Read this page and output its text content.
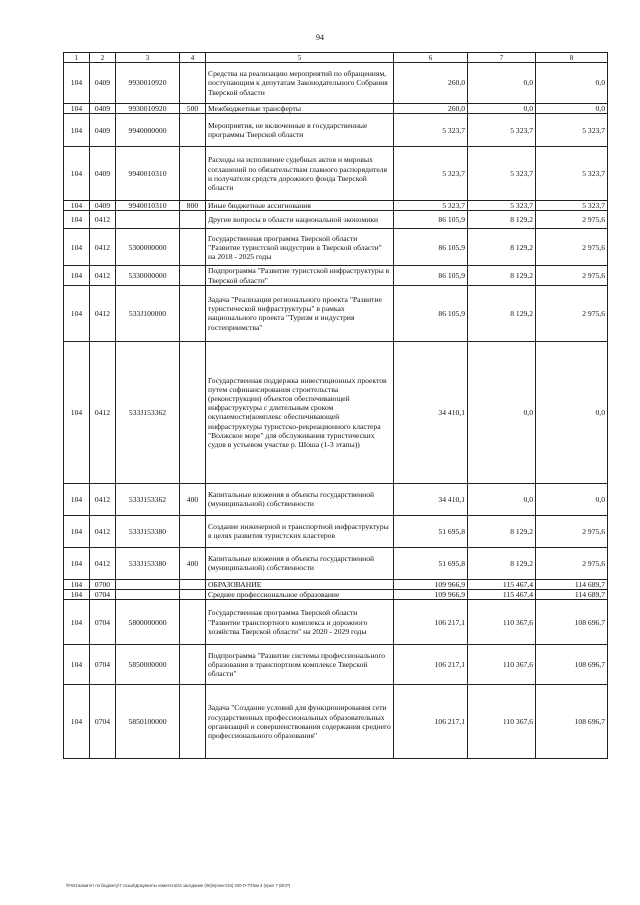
94
1	2	3	4	5	6	7	8
104	0409	9930010920		Средства на реализацию мероприятий по обращениям, поступающим к депутатам Законодательного Собрания Тверской области	260,0	0,0	0,0
104	0409	9930010920	500	Межбюджетные трансферты	260,0	0,0	0,0
104	0409	9940000000		Мероприятия, не включенные в государственные программы Тверской области	5 323,7	5 323,7	5 323,7
104	0409	9940010310		Расходы на исполнение судебных актов и мировых соглашений по обязательствам главного распорядителя и получателя средств дорожного фонда Тверской области	5 323,7	5 323,7	5 323,7
104	0409	9940010310	800	Иные бюджетные ассигнования	5 323,7	5 323,7	5 323,7
104	0412			Другие вопросы в области национальной экономики	86 105,9	8 129,2	2 975,6
104	0412	5300000000		Государственная программа Тверской области "Развитие туристской индустрии в Тверской области" на 2018 - 2025 годы	86 105,9	8 129,2	2 975,6
104	0412	5330000000		Подпрограмма "Развитие туристской инфраструктуры в Тверской области"	86 105,9	8 129,2	2 975,6
104	0412	533J100000		Задача "Реализация регионального проекта "Развитие туристической инфраструктуры" в рамках национального проекта "Туризм и индустрия гостеприимства"	86 105,9	8 129,2	2 975,6
104	0412	533J153362		Государственная поддержка инвестиционных проектов путем софинансирования строительства (реконструкции) объектов обеспечивающей инфраструктуры с длительным сроком окупаемости(комплекс обеспечивающей инфраструктуры туристско-рекреационного кластера "Волжское море" для обслуживания туристических судов в устьевом участке р. Шоша (1-3 этапы))	34 410,1	0,0	0,0
104	0412	533J153362	400	Капитальные вложения в объекты государственной (муниципальной) собственности	34 410,1	0,0	0,0
104	0412	533J153380		Создание инженерной и транспортной инфраструктуры в целях развития туристских кластеров	51 695,8	8 129,2	2 975,6
104	0412	533J153380	400	Капитальные вложения в объекты государственной (муниципальной) собственности	51 695,8	8 129,2	2 975,6
104	0700			ОБРАЗОВАНИЕ	109 966,9	115 467,4	114 689,7
104	0704			Среднее профессиональное образование	109 966,9	115 467,4	114 689,7
104	0704	5800000000		Государственная программа Тверской области "Развитие транспортного комплекса и дорожного хозяйства Тверской области" на 2020 - 2029 годы	106 217,1	110 367,6	108 696,7
104	0704	5850000000		Подпрограмма "Развитие системы профессионального образования в транспортном комплексе Тверской области"	106 217,1	110 367,6	108 696,7
104	0704	5850100000		Задача "Создание условий для функционирования сети государственных профессиональных образовательных организаций и совершенствования содержания среднего профессионального образования"	106 217,1	110 367,6	108 696,7
\\Fs01\комитет по бюджету\7 созыв\Документы комитета\24 заседание (06)\проект\24) 400-П-7\Пом 4 (прил 7 (ВСР)
